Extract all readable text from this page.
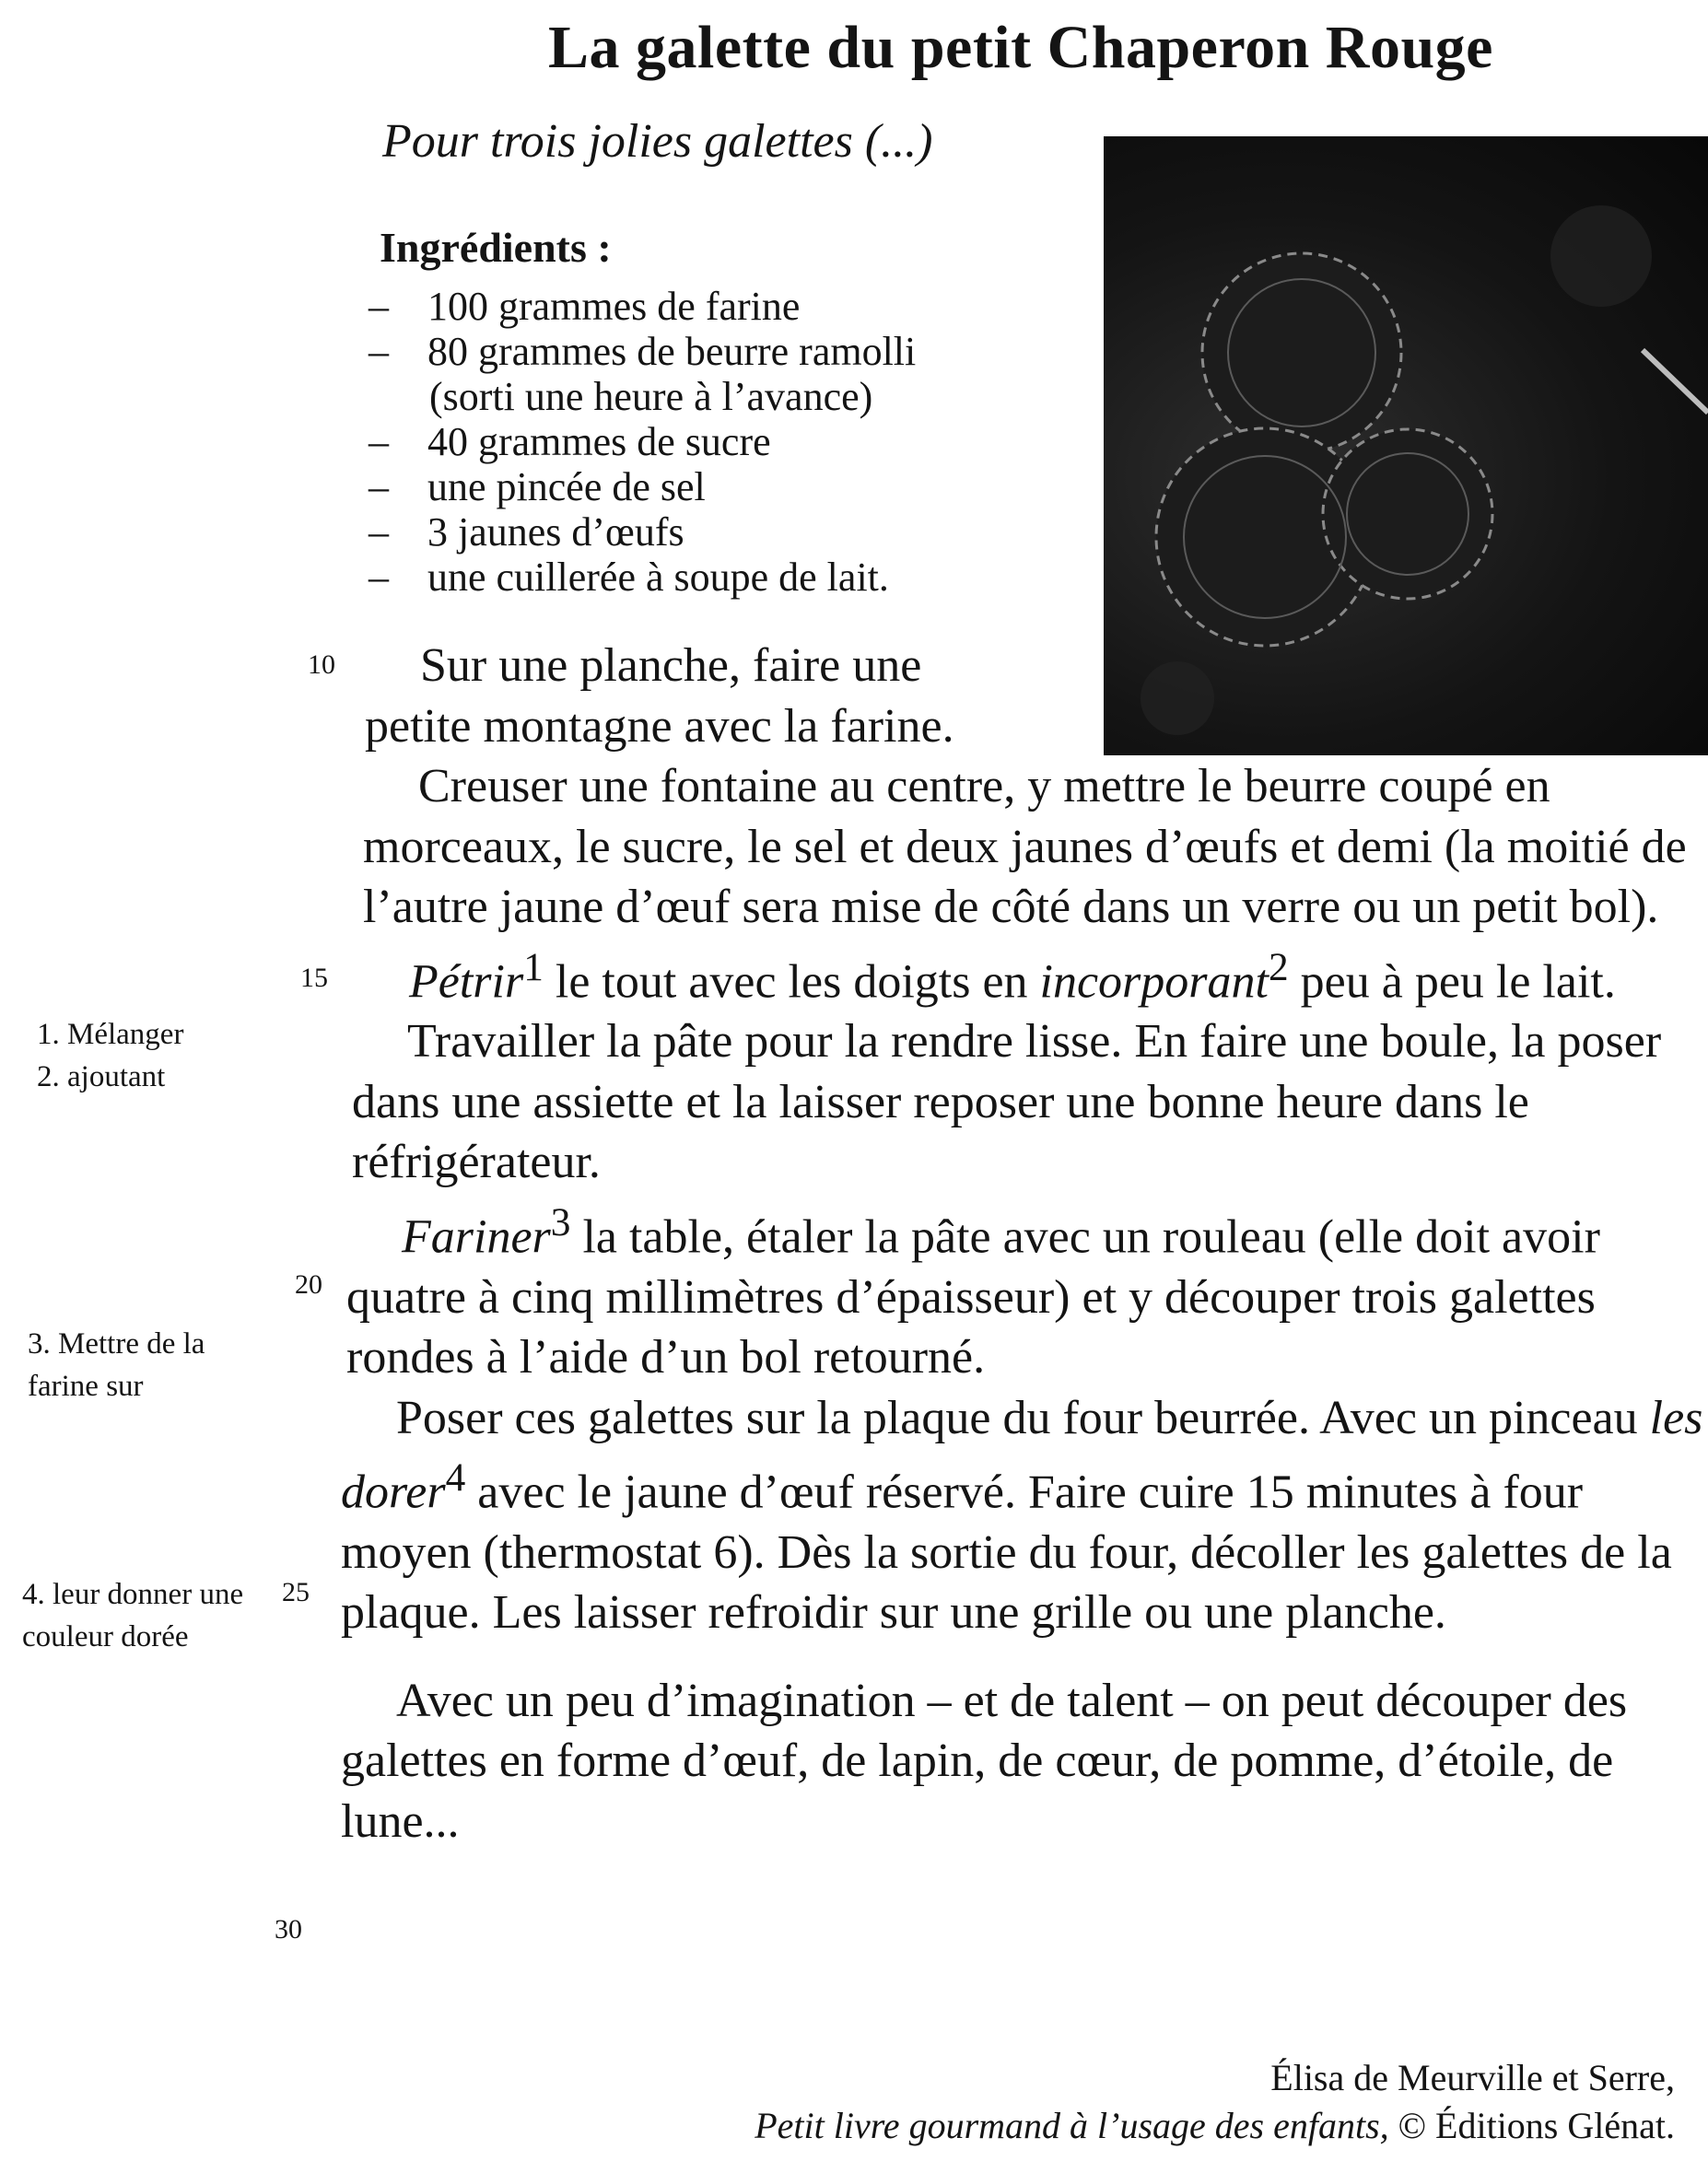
La galette du petit Chaperon Rouge
Pour trois jolies galettes (...)
Ingrédients :
– 100 grammes de farine
– 80 grammes de beurre ramolli
(sorti une heure à l’avance)
– 40 grammes de sucre
– une pincée de sel
– 3 jaunes d’œufs
– une cuillerée à soupe de lait.
10
15
20
25
30
1. Mélanger
2. ajoutant
3. Mettre de la farine sur
4. leur donner une couleur dorée

Sur une planche, faire une
petite montagne avec la farine.

Creuser une fontaine au centre, y mettre le beurre coupé en morceaux, le sucre, le sel et deux jaunes d’œufs et demi (la moitié de l’autre jaune d’œuf sera mise de côté dans un verre ou un petit bol).

Pétrir$^1$ le tout avec les doigts en incorporant$^2$ peu à peu le lait.

Travailler la pâte pour la rendre lisse. En faire une boule, la poser dans une assiette et la laisser reposer une bonne heure dans le réfrigérateur.

Fariner$^3$ la table, étaler la pâte avec un rouleau (elle doit avoir quatre à cinq millimètres d’épaisseur) et y découper trois galettes rondes à l’aide d’un bol retourné.

Poser ces galettes sur la plaque du four beurrée. Avec un pinceau les dorer$^4$ avec le jaune d’œuf réservé. Faire cuire 15 minutes à four moyen (thermostat 6). Dès la sortie du four, décoller les galettes de la plaque. Les laisser refroidir sur une grille ou une planche.

Avec un peu d’imagination – et de talent – on peut découper des galettes en forme d’œuf, de lapin, de cœur, de pomme, d’étoile, de lune...

Élisa de Meurville et Serre,
Petit livre gourmand à l’usage des enfants, © Éditions Glénat.
